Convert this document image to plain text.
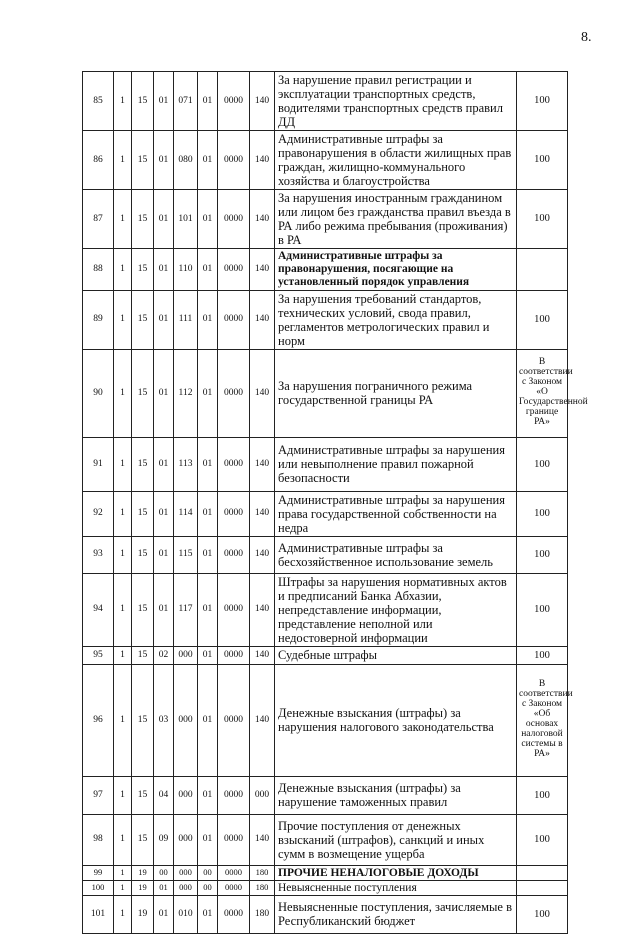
8.
85	1	15	01	071	01	0000	140	За нарушение правил регистрации и эксплуатации транспортных средств, водителями транспортных средств правил ДД	100
86	1	15	01	080	01	0000	140	Административные штрафы за правонарушения в области жилищных прав граждан, жилищно-коммунального хозяйства и благоустройства	100
87	1	15	01	101	01	0000	140	За нарушения иностранным гражданином или лицом без гражданства правил въезда в РА либо режима пребывания (проживания) в РА	100
88	1	15	01	110	01	0000	140	Административные штрафы за правонарушения, посягающие на установленный порядок управления	
89	1	15	01	111	01	0000	140	За нарушения требований стандартов, технических условий, свода правил, регламентов метрологических правил и норм	100
90	1	15	01	112	01	0000	140	За нарушения пограничного режима государственной границы РА	В соответствии с Законом «О Государственной границе РА»
91	1	15	01	113	01	0000	140	Административные штрафы за нарушения или невыполнение правил пожарной безопасности	100
92	1	15	01	114	01	0000	140	Административные штрафы за нарушения права государственной собственности на недра	100
93	1	15	01	115	01	0000	140	Административные штрафы за бесхозяйственное использование земель	100
94	1	15	01	117	01	0000	140	Штрафы за нарушения нормативных актов и предписаний Банка Абхазии, непредставление информации, представление неполной или недостоверной информации	100
95	1	15	02	000	01	0000	140	Судебные штрафы	100
96	1	15	03	000	01	0000	140	Денежные взыскания (штрафы) за нарушения налогового законодательства	В соответствии с Законом «Об основах налоговой системы в РА»
97	1	15	04	000	01	0000	000	Денежные взыскания (штрафы) за нарушение таможенных правил	100
98	1	15	09	000	01	0000	140	Прочие поступления от денежных взысканий (штрафов), санкций и иных сумм в возмещение ущерба	100
99	1	19	00	000	00	0000	180	ПРОЧИЕ НЕНАЛОГОВЫЕ ДОХОДЫ	
100	1	19	01	000	00	0000	180	Невыясненные поступления	
101	1	19	01	010	01	0000	180	Невыясненные поступления, зачисляемые в Республиканский бюджет	100
